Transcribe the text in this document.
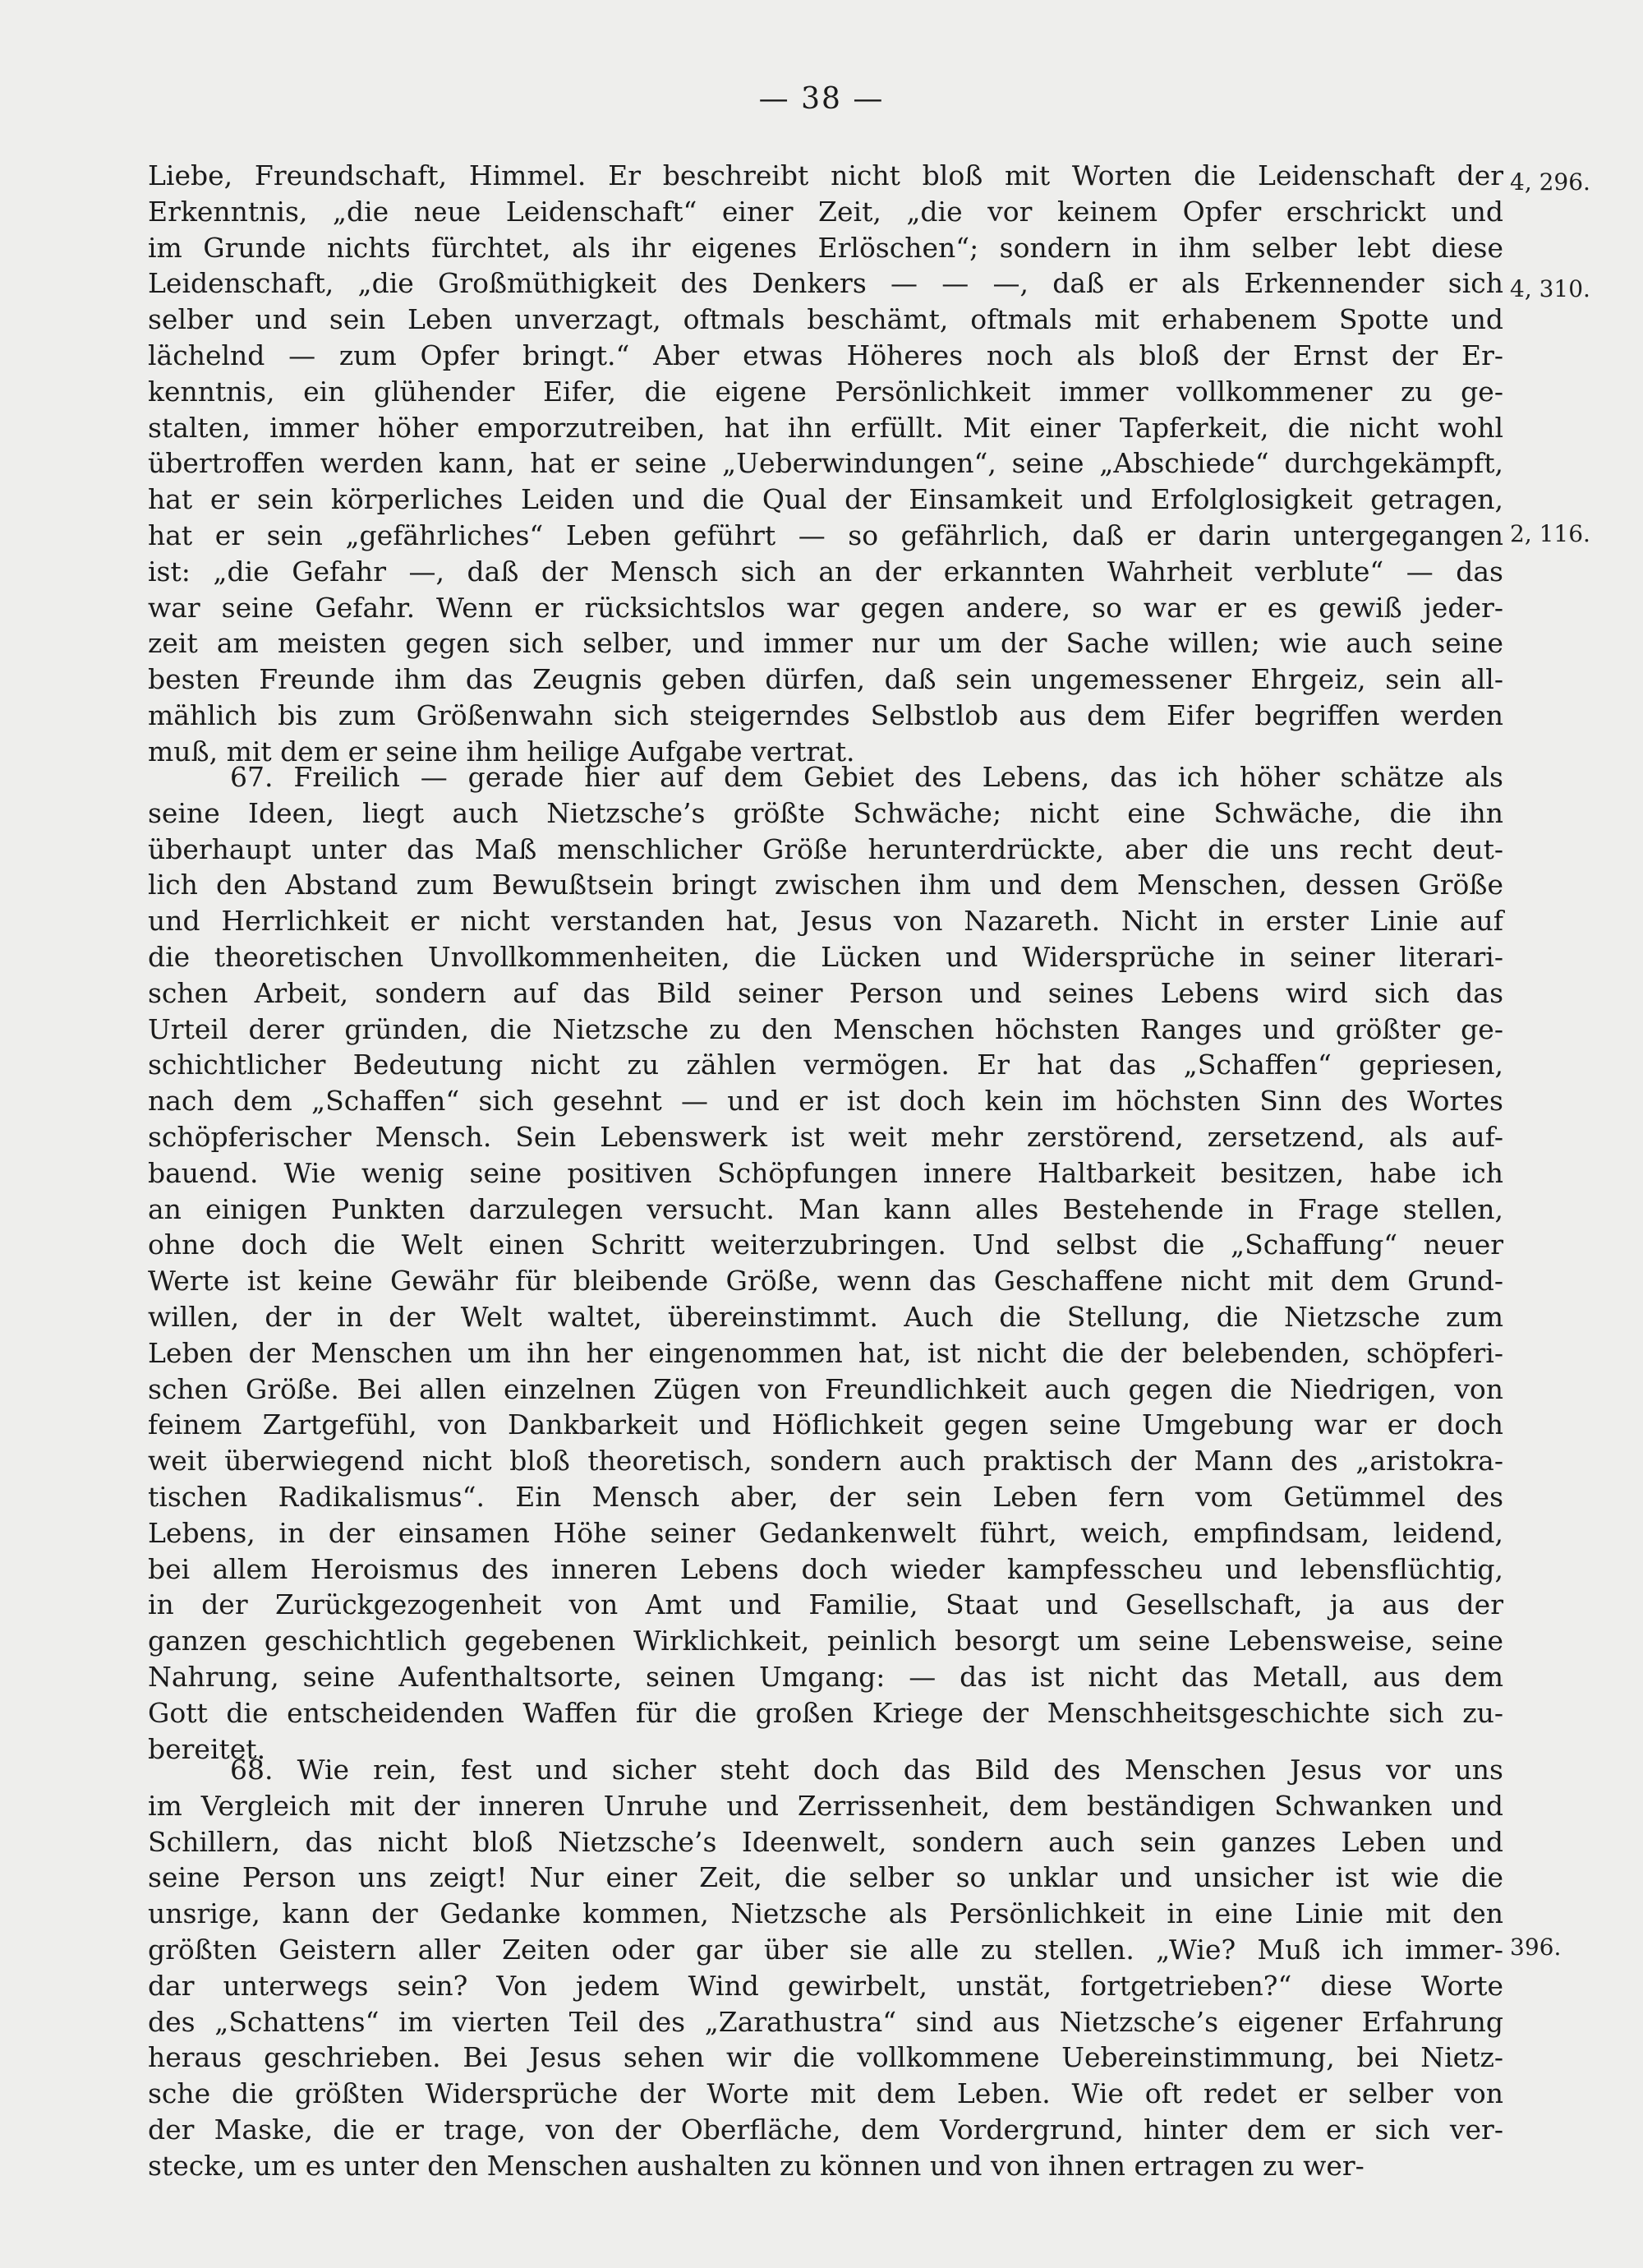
— 38 —
Liebe, Freundschaft, Himmel. Er beschreibt nicht bloß mit Worten die Leidenschaft der
Erkenntnis, „die neue Leidenschaft“ einer Zeit, „die vor keinem Opfer erschrickt und
im Grunde nichts fürchtet, als ihr eigenes Erlöschen“; sondern in ihm selber lebt diese
Leidenschaft, „die Großmüthigkeit des Denkers — — —, daß er als Erkennender sich
selber und sein Leben unverzagt, oftmals beschämt, oftmals mit erhabenem Spotte und
lächelnd — zum Opfer bringt.“ Aber etwas Höheres noch als bloß der Ernst der Er-
kenntnis, ein glühender Eifer, die eigene Persönlichkeit immer vollkommener zu ge-
stalten, immer höher emporzutreiben, hat ihn erfüllt. Mit einer Tapferkeit, die nicht wohl
übertroffen werden kann, hat er seine „Ueberwindungen“, seine „Abschiede“ durchgekämpft,
hat er sein körperliches Leiden und die Qual der Einsamkeit und Erfolglosigkeit getragen,
hat er sein „gefährliches“ Leben geführt — so gefährlich, daß er darin untergegangen
ist: „die Gefahr —, daß der Mensch sich an der erkannten Wahrheit verblute“ — das
war seine Gefahr. Wenn er rücksichtslos war gegen andere, so war er es gewiß jeder-
zeit am meisten gegen sich selber, und immer nur um der Sache willen; wie auch seine
besten Freunde ihm das Zeugnis geben dürfen, daß sein ungemessener Ehrgeiz, sein all-
mählich bis zum Größenwahn sich steigerndes Selbstlob aus dem Eifer begriffen werden
muß, mit dem er seine ihm heilige Aufgabe vertrat.
67. Freilich — gerade hier auf dem Gebiet des Lebens, das ich höher schätze als
seine Ideen, liegt auch Nietzsche’s größte Schwäche; nicht eine Schwäche, die ihn
überhaupt unter das Maß menschlicher Größe herunterdrückte, aber die uns recht deut-
lich den Abstand zum Bewußtsein bringt zwischen ihm und dem Menschen, dessen Größe
und Herrlichkeit er nicht verstanden hat, Jesus von Nazareth. Nicht in erster Linie auf
die theoretischen Unvollkommenheiten, die Lücken und Widersprüche in seiner literari-
schen Arbeit, sondern auf das Bild seiner Person und seines Lebens wird sich das
Urteil derer gründen, die Nietzsche zu den Menschen höchsten Ranges und größter ge-
schichtlicher Bedeutung nicht zu zählen vermögen. Er hat das „Schaffen“ gepriesen,
nach dem „Schaffen“ sich gesehnt — und er ist doch kein im höchsten Sinn des Wortes
schöpferischer Mensch. Sein Lebenswerk ist weit mehr zerstörend, zersetzend, als auf-
bauend. Wie wenig seine positiven Schöpfungen innere Haltbarkeit besitzen, habe ich
an einigen Punkten darzulegen versucht. Man kann alles Bestehende in Frage stellen,
ohne doch die Welt einen Schritt weiterzubringen. Und selbst die „Schaffung“ neuer
Werte ist keine Gewähr für bleibende Größe, wenn das Geschaffene nicht mit dem Grund-
willen, der in der Welt waltet, übereinstimmt. Auch die Stellung, die Nietzsche zum
Leben der Menschen um ihn her eingenommen hat, ist nicht die der belebenden, schöpferi-
schen Größe. Bei allen einzelnen Zügen von Freundlichkeit auch gegen die Niedrigen, von
feinem Zartgefühl, von Dankbarkeit und Höflichkeit gegen seine Umgebung war er doch
weit überwiegend nicht bloß theoretisch, sondern auch praktisch der Mann des „aristokra-
tischen Radikalismus“. Ein Mensch aber, der sein Leben fern vom Getümmel des
Lebens, in der einsamen Höhe seiner Gedankenwelt führt, weich, empfindsam, leidend,
bei allem Heroismus des inneren Lebens doch wieder kampfesscheu und lebensflüchtig,
in der Zurückgezogenheit von Amt und Familie, Staat und Gesellschaft, ja aus der
ganzen geschichtlich gegebenen Wirklichkeit, peinlich besorgt um seine Lebensweise, seine
Nahrung, seine Aufenthaltsorte, seinen Umgang: — das ist nicht das Metall, aus dem
Gott die entscheidenden Waffen für die großen Kriege der Menschheitsgeschichte sich zu-
bereitet.
68. Wie rein, fest und sicher steht doch das Bild des Menschen Jesus vor uns
im Vergleich mit der inneren Unruhe und Zerrissenheit, dem beständigen Schwanken und
Schillern, das nicht bloß Nietzsche’s Ideenwelt, sondern auch sein ganzes Leben und
seine Person uns zeigt! Nur einer Zeit, die selber so unklar und unsicher ist wie die
unsrige, kann der Gedanke kommen, Nietzsche als Persönlichkeit in eine Linie mit den
größten Geistern aller Zeiten oder gar über sie alle zu stellen. „Wie? Muß ich immer-
dar unterwegs sein? Von jedem Wind gewirbelt, unstät, fortgetrieben?“ diese Worte
des „Schattens“ im vierten Teil des „Zarathustra“ sind aus Nietzsche’s eigener Erfahrung
heraus geschrieben. Bei Jesus sehen wir die vollkommene Uebereinstimmung, bei Nietz-
sche die größten Widersprüche der Worte mit dem Leben. Wie oft redet er selber von
der Maske, die er trage, von der Oberfläche, dem Vordergrund, hinter dem er sich ver-
stecke, um es unter den Menschen aushalten zu können und von ihnen ertragen zu wer-
4, 296.
4, 310.
2, 116.
396.
